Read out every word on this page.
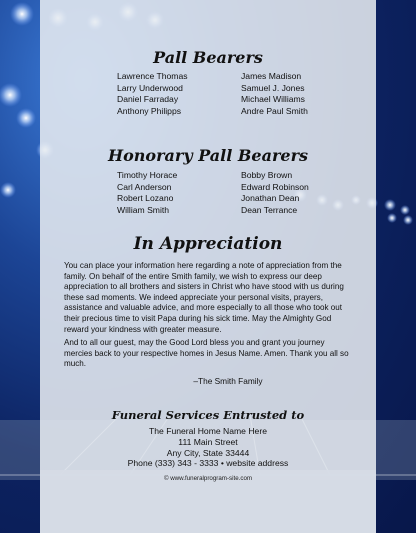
Pall Bearers
Lawrence Thomas
Larry Underwood
Daniel Farraday
Anthony Philipps
James Madison
Samuel J. Jones
Michael Williams
Andre Paul Smith
Honorary Pall Bearers
Timothy Horace
Carl Anderson
Robert Lozano
William Smith
Bobby Brown
Edward Robinson
Jonathan Dean
Dean Terrance
In Appreciation

You can place your information here regarding a note of appreciation from the family. On behalf of the entire Smith family, we wish to express our deep appreciation to all brothers and sisters in Christ who have stood with us during these sad moments. We indeed appreciate your personal visits, prayers, assistance and valuable advice, and more especially to all those who took out their precious time to visit Papa during his sick time. May the Almighty God reward your kindness with greater measure.

And to all our guest, may the Good Lord bless you and grant you journey mercies back to your respective homes in Jesus Name. Amen. Thank you all so much.

–The Smith Family
Funeral Services Entrusted to
The Funeral Home Name Here
111 Main Street
Any City, State 33444
Phone (333) 343 - 3333 • website address
© www.funeralprogram-site.com
